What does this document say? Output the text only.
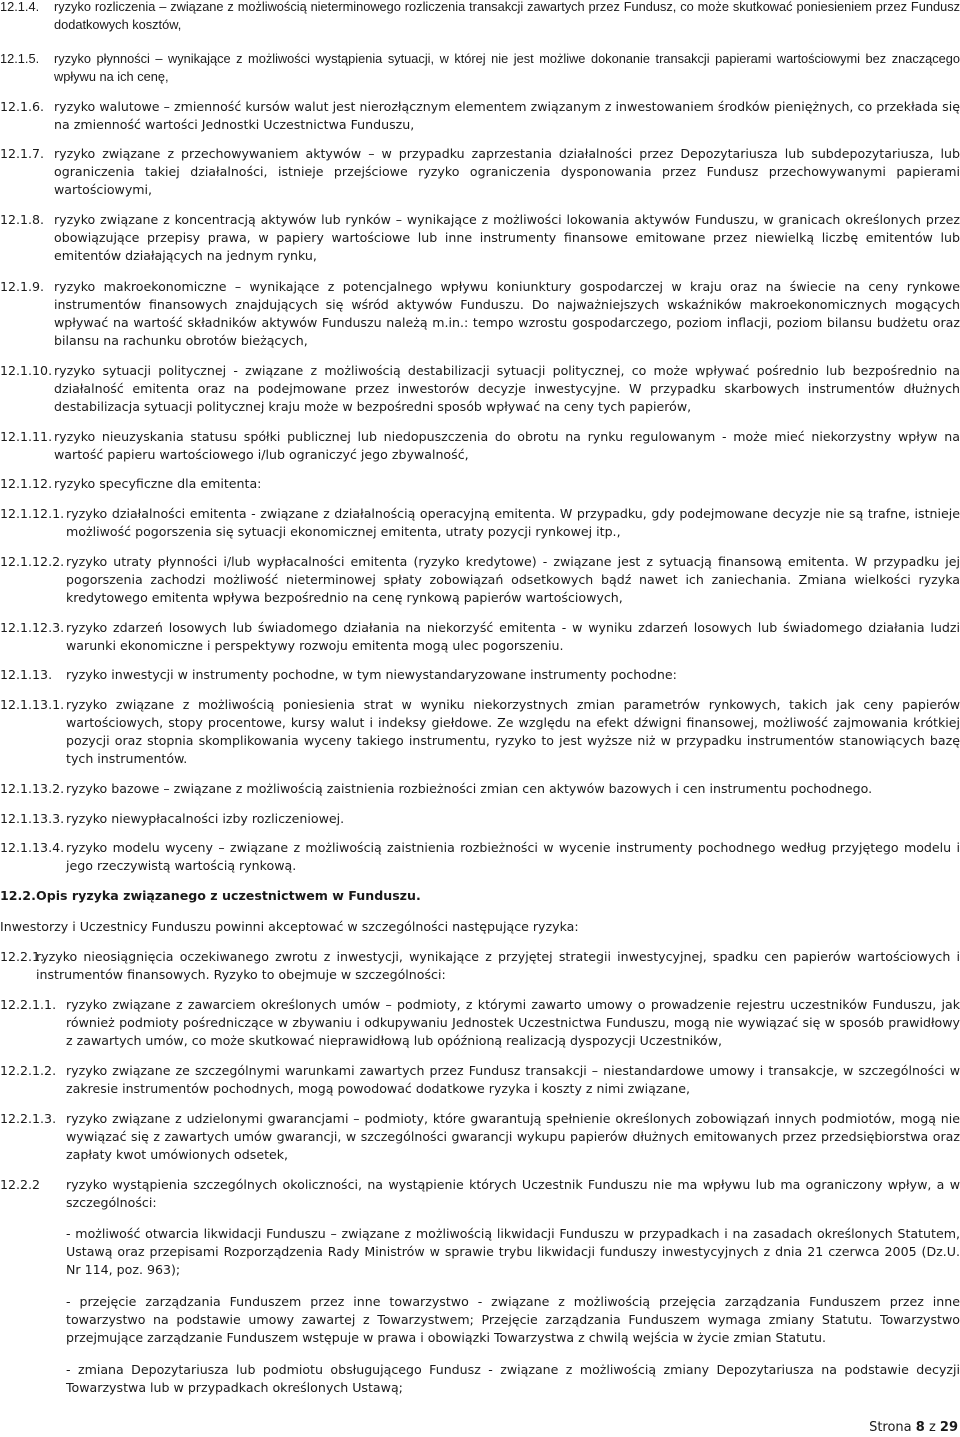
12.1.4.	ryzyko rozliczenia – związane z możliwością nieterminowego rozliczenia transakcji zawartych przez Fundusz, co może skutkować poniesieniem przez Fundusz dodatkowych kosztów,
12.1.5.	ryzyko płynności – wynikające z możliwości wystąpienia sytuacji, w której nie jest możliwe dokonanie transakcji papierami wartościowymi bez znaczącego wpływu na ich cenę,
12.1.6. ryzyko walutowe – zmienność kursów walut jest nierozłącznym elementem związanym z inwestowaniem środków pieniężnych, co przekłada się na zmienność wartości Jednostki Uczestnictwa Funduszu,
12.1.7. ryzyko związane z przechowywaniem aktywów – w przypadku zaprzestania działalności przez Depozytariusza lub subdepozytariusza, lub ograniczenia takiej działalności, istnieje przejściowe ryzyko ograniczenia dysponowania przez Fundusz przechowywanymi papierami wartościowymi,
12.1.8. ryzyko związane z koncentracją aktywów lub rynków – wynikające z możliwości lokowania aktywów Funduszu, w granicach określonych przez obowiązujące przepisy prawa, w papiery wartościowe lub inne instrumenty finansowe emitowane przez niewielką liczbę emitentów lub emitentów działających na jednym rynku,
12.1.9. ryzyko makroekonomiczne – wynikające z potencjalnego wpływu koniunktury gospodarczej w kraju oraz na świecie na ceny rynkowe instrumentów finansowych znajdujących się wśród aktywów Funduszu. Do najważniejszych wskaźników makroekonomicznych mogących wpływać na wartość składników aktywów Funduszu należą m.in.: tempo wzrostu gospodarczego, poziom inflacji, poziom bilansu budżetu oraz bilansu na rachunku obrotów bieżących,
12.1.10. ryzyko sytuacji politycznej - związane z możliwością destabilizacji sytuacji politycznej, co może wpływać pośrednio lub bezpośrednio na działalność emitenta oraz na podejmowane przez inwestorów decyzje inwestycyjne. W przypadku skarbowych instrumentów dłużnych destabilizacja sytuacji politycznej kraju może w bezpośredni sposób wpływać na ceny tych papierów,
12.1.11. ryzyko nieuzyskania statusu spółki publicznej lub niedopuszczenia do obrotu na rynku regulowanym - może mieć niekorzystny wpływ na wartość papieru wartościowego i/lub ograniczyć jego zbywalność,
12.1.12. ryzyko specyficzne dla emitenta:
12.1.12.1. ryzyko działalności emitenta - związane z działalnością operacyjną emitenta. W przypadku, gdy podejmowane decyzje nie są trafne, istnieje możliwość pogorszenia się sytuacji ekonomicznej emitenta, utraty pozycji rynkowej itp.,
12.1.12.2. ryzyko utraty płynności i/lub wypłacalności emitenta (ryzyko kredytowe) - związane jest z sytuacją finansową emitenta. W przypadku jej pogorszenia zachodzi możliwość nieterminowej spłaty zobowiązań odsetkowych bądź nawet ich zaniechania. Zmiana wielkości ryzyka kredytowego emitenta wpływa bezpośrednio na cenę rynkową papierów wartościowych,
12.1.12.3. ryzyko zdarzeń losowych lub świadomego działania na niekorzyść emitenta - w wyniku zdarzeń losowych lub świadomego działania ludzi warunki ekonomiczne i perspektywy rozwoju emitenta mogą ulec pogorszeniu.
12.1.13.	ryzyko inwestycji w instrumenty pochodne, w tym niewystandaryzowane instrumenty pochodne:
12.1.13.1. ryzyko związane z możliwością poniesienia strat w wyniku niekorzystnych zmian parametrów rynkowych, takich jak ceny papierów wartościowych, stopy procentowe, kursy walut i indeksy giełdowe. Ze względu na efekt dźwigni finansowej, możliwość zajmowania krótkiej pozycji oraz stopnia skomplikowania wyceny takiego instrumentu, ryzyko to jest wyższe niż w przypadku instrumentów stanowiących bazę tych instrumentów.
12.1.13.2. ryzyko bazowe – związane z możliwością zaistnienia rozbieżności zmian cen aktywów bazowych i cen instrumentu pochodnego.
12.1.13.3. ryzyko niewypłacalności izby rozliczeniowej.
12.1.13.4. ryzyko modelu wyceny – związane z możliwością zaistnienia rozbieżności w wycenie instrumenty pochodnego według przyjętego modelu i jego rzeczywistą wartością rynkową.
12.2. Opis ryzyka związanego z uczestnictwem w Funduszu.
Inwestorzy i Uczestnicy Funduszu powinni akceptować w szczególności następujące ryzyka:
12.2.1.
ryzyko nieosiągnięcia oczekiwanego zwrotu z inwestycji, wynikające z przyjętej strategii inwestycyjnej, spadku cen papierów wartościowych i instrumentów finansowych. Ryzyko to obejmuje w szczególności:
12.2.1.1. ryzyko związane z zawarciem określonych umów – podmioty, z którymi zawarto umowy o prowadzenie rejestru uczestników Funduszu, jak również podmioty pośredniczące w zbywaniu i odkupywaniu Jednostek Uczestnictwa Funduszu, mogą nie wywiązać się w sposób prawidłowy z zawartych umów, co może skutkować nieprawidłową lub opóźnioną realizacją dyspozycji Uczestników,
12.2.1.2. ryzyko związane ze szczególnymi warunkami zawartych przez Fundusz transakcji – niestandardowe umowy i transakcje, w szczególności w zakresie instrumentów pochodnych, mogą powodować dodatkowe ryzyka i koszty z nimi związane,
12.2.1.3. ryzyko związane z udzielonymi gwarancjami – podmioty, które gwarantują spełnienie określonych zobowiązań innych podmiotów, mogą nie wywiązać się z zawartych umów gwarancji, w szczególności gwarancji wykupu papierów dłużnych emitowanych przez przedsiębiorstwa oraz zapłaty kwot umówionych odsetek,
12.2.2	ryzyko wystąpienia szczególnych okoliczności, na wystąpienie których Uczestnik Funduszu nie ma wpływu lub ma ograniczony wpływ, a w szczególności:
- możliwość otwarcia likwidacji Funduszu – związane z możliwością likwidacji Funduszu w przypadkach i na zasadach określonych Statutem, Ustawą oraz przepisami Rozporządzenia Rady Ministrów w sprawie trybu likwidacji funduszy inwestycyjnych z dnia 21 czerwca 2005 (Dz.U. Nr 114, poz. 963);
- przejęcie zarządzania Funduszem przez inne towarzystwo - związane z możliwością przejęcia zarządzania Funduszem przez inne towarzystwo na podstawie umowy zawartej z Towarzystwem; Przejęcie zarządzania Funduszem wymaga zmiany Statutu. Towarzystwo przejmujące zarządzanie Funduszem wstępuje w prawa i obowiązki Towarzystwa z chwilą wejścia w życie zmian Statutu.
- zmiana Depozytariusza lub podmiotu obsługującego Fundusz - związane z możliwością zmiany Depozytariusza na podstawie decyzji Towarzystwa lub w przypadkach określonych Ustawą;
Strona 8 z 29
